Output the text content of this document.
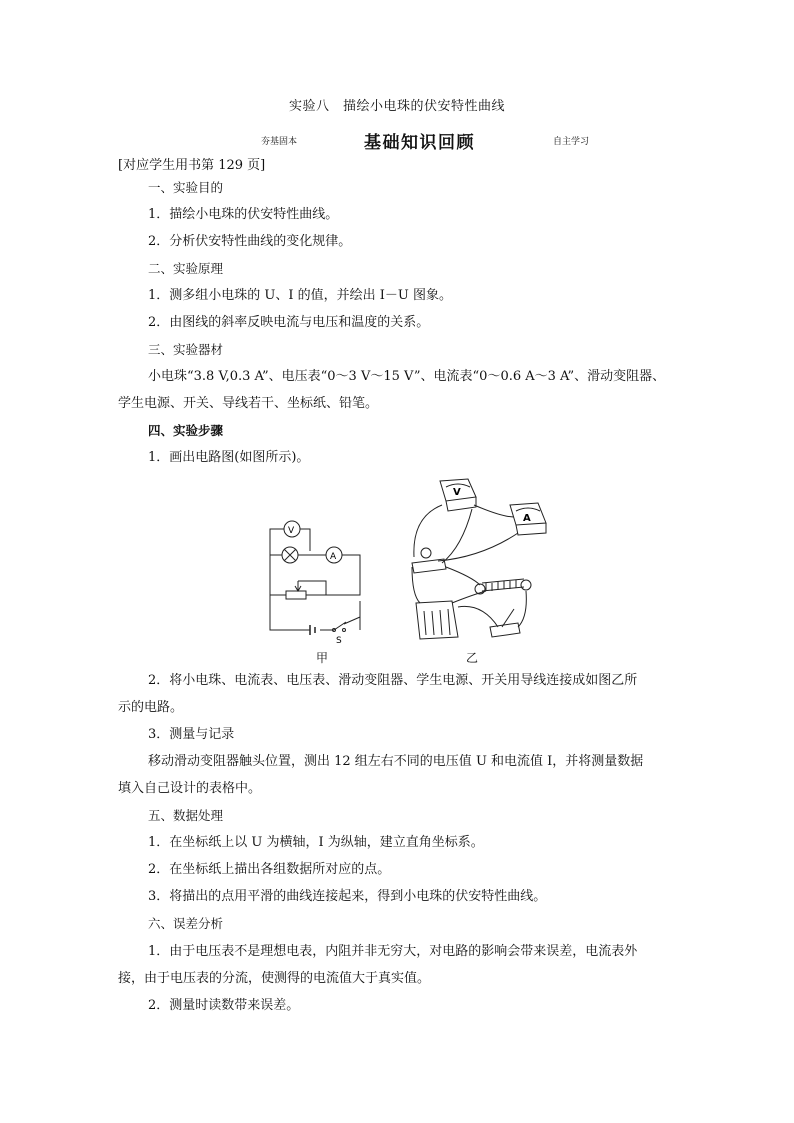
实验八　描绘小电珠的伏安特性曲线
夯基固本	基础知识回顾	自主学习
[对应学生用书第 129 页]
一、实验目的
1．描绘小电珠的伏安特性曲线。
2．分析伏安特性曲线的变化规律。
二、实验原理
1．测多组小电珠的 U、I 的值，并绘出 I－U 图象。
2．由图线的斜率反映电流与电压和温度的关系。
三、实验器材
小电珠“3.8 V,0.3 A”、电压表“0～3 V～15 V”、电流表“0～0.6 A～3 A”、滑动变阻器、
学生电源、开关、导线若干、坐标纸、铅笔。
四、实验步骤
1．画出电路图(如图所示)。
V
A
S
V
A
甲	乙
2．将小电珠、电流表、电压表、滑动变阻器、学生电源、开关用导线连接成如图乙所
示的电路。
3．测量与记录
移动滑动变阻器触头位置，测出 12 组左右不同的电压值 U 和电流值 I，并将测量数据
填入自己设计的表格中。
五、数据处理
1．在坐标纸上以 U 为横轴，I 为纵轴，建立直角坐标系。
2．在坐标纸上描出各组数据所对应的点。
3．将描出的点用平滑的曲线连接起来，得到小电珠的伏安特性曲线。
六、误差分析
1．由于电压表不是理想电表，内阻并非无穷大，对电路的影响会带来误差，电流表外
接，由于电压表的分流，使测得的电流值大于真实值。
2．测量时读数带来误差。
